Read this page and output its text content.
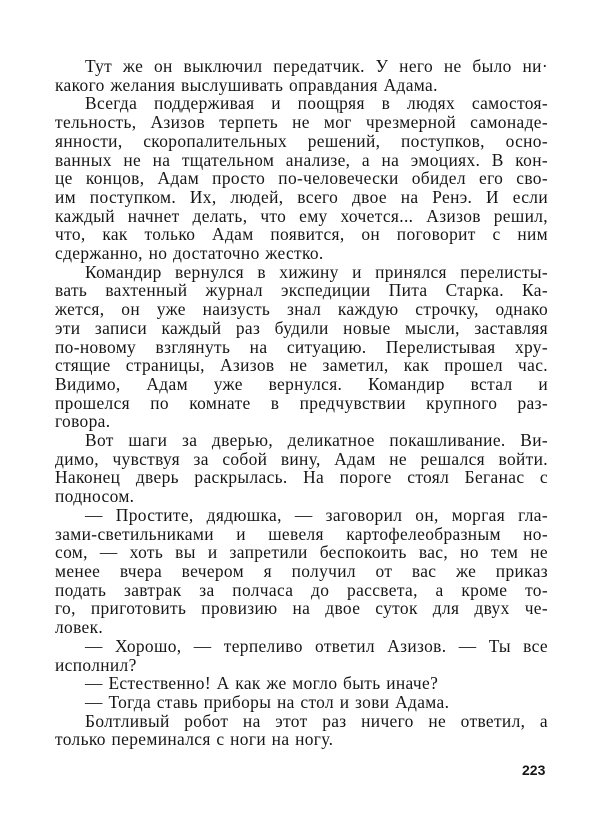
Тут же он выключил передатчик. У него не было ни·
какого желания выслушивать оправдания Адама.
Всегда поддерживая и поощряя в людях самостоя-
тельность, Азизов терпеть не мог чрезмерной самонаде-
янности, скоропалительных решений, поступков, осно-
ванных не на тщательном анализе, а на эмоциях. В кон-
це концов, Адам просто по-человечески обидел его сво-
им поступком. Их, людей, всего двое на Ренэ. И если
каждый начнет делать, что ему хочется... Азизов решил,
что, как только Адам появится, он поговорит с ним
сдержанно, но достаточно жестко.
Командир вернулся в хижину и принялся перелисты-
вать вахтенный журнал экспедиции Пита Старка. Ка-
жется, он уже наизусть знал каждую строчку, однако
эти записи каждый раз будили новые мысли, заставляя
по-новому взглянуть на ситуацию. Перелистывая хру-
стящие страницы, Азизов не заметил, как прошел час.
Видимо, Адам уже вернулся. Командир встал и
прошелся по комнате в предчувствии крупного раз-
говора.
Вот шаги за дверью, деликатное покашливание. Ви-
димо, чувствуя за собой вину, Адам не решался войти.
Наконец дверь раскрылась. На пороге стоял Беганас с
подносом.
— Простите, дядюшка, — заговорил он, моргая гла-
зами-светильниками и шевеля картофелеобразным но-
сом, — хоть вы и запретили беспокоить вас, но тем не
менее вчера вечером я получил от вас же приказ
подать завтрак за полчаса до рассвета, а кроме то-
го, приготовить провизию на двое суток для двух че-
ловек.
— Хорошо, — терпеливо ответил Азизов. — Ты все
исполнил?
— Естественно! А как же могло быть иначе?
— Тогда ставь приборы на стол и зови Адама.
Болтливый робот на этот раз ничего не ответил, а
только переминался с ноги на ногу.
223
